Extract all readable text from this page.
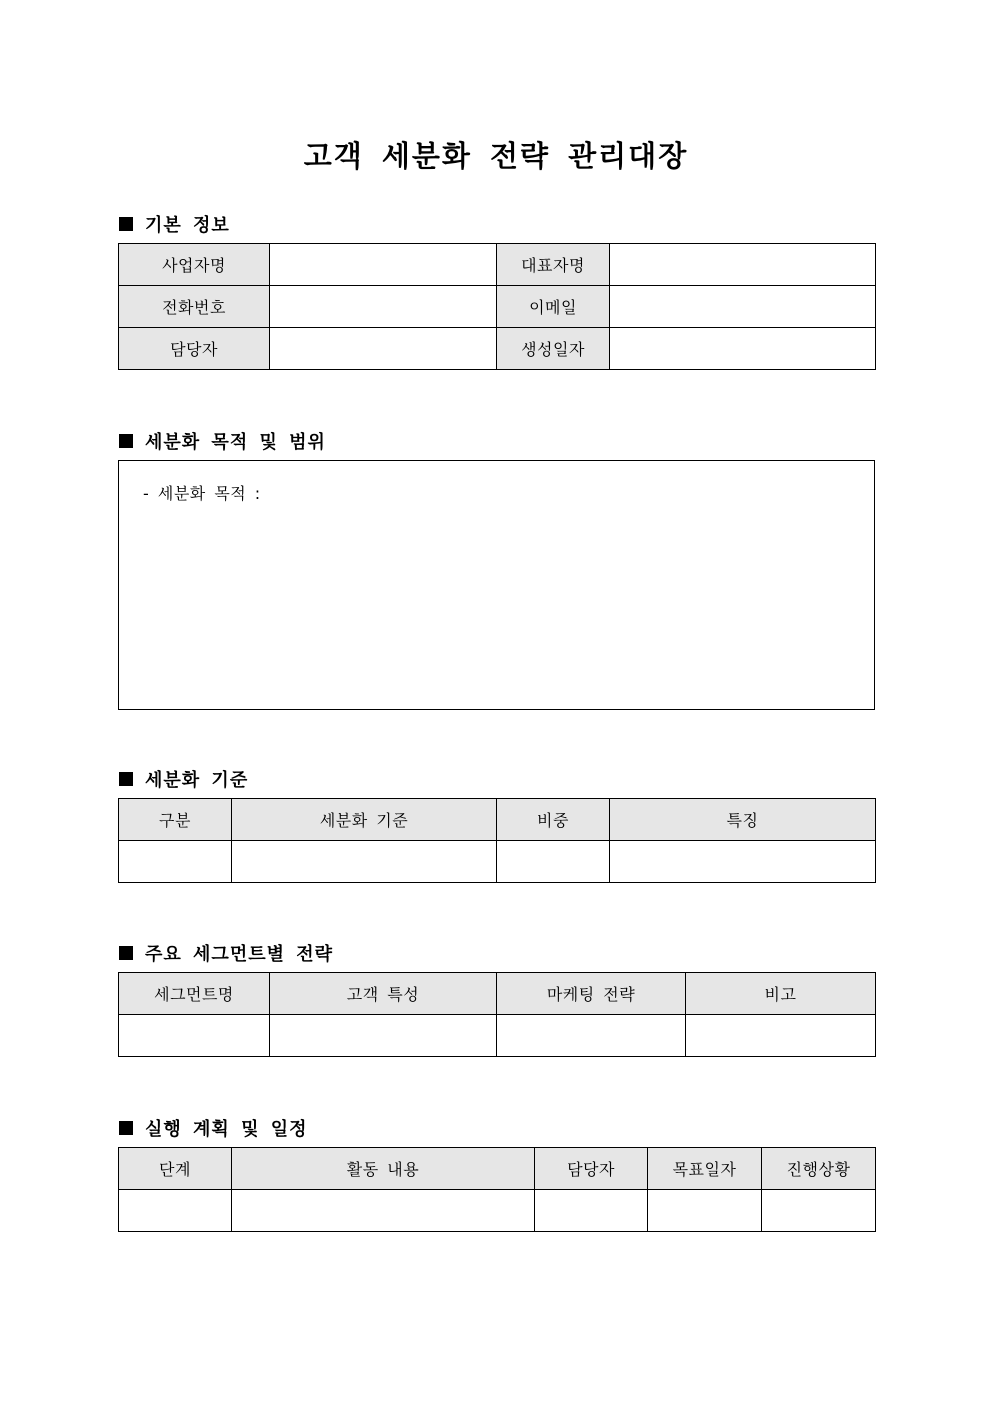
고객 세분화 전략 관리대장
기본 정보
사업자명		대표자명	
전화번호		이메일	
담당자		생성일자	
세분화 목적 및 범위
- 세분화 목적 :
세분화 기준
구분	세분화 기준	비중	특징

주요 세그먼트별 전략
세그먼트명	고객 특성	마케팅 전략	비고

실행 계획 및 일정
단계	활동 내용	담당자	목표일자	진행상황
